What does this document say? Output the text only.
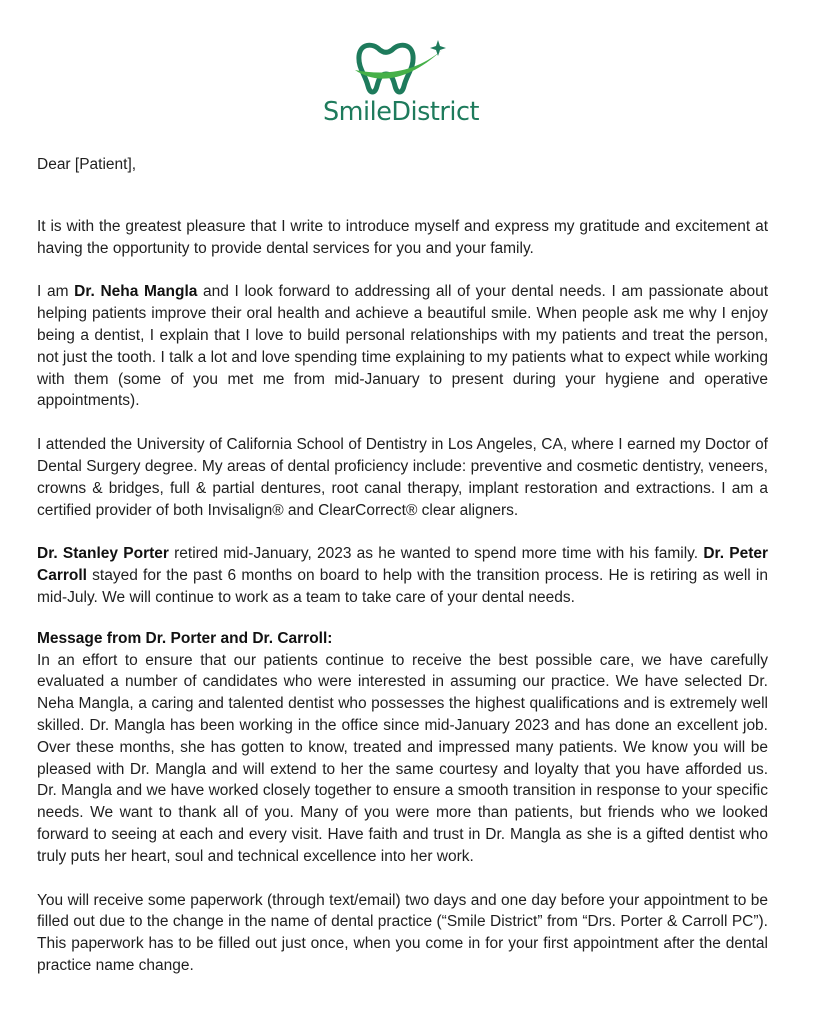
SmileDistrict

Dear [Patient],

It is with the greatest pleasure that I write to introduce myself and express my gratitude and excitement at having the opportunity to provide dental services for you and your family.

I am Dr. Neha Mangla and I look forward to addressing all of your dental needs. I am passionate about helping patients improve their oral health and achieve a beautiful smile. When people ask me why I enjoy being a dentist, I explain that I love to build personal relationships with my patients and treat the person, not just the tooth. I talk a lot and love spending time explaining to my patients what to expect while working with them (some of you met me from mid-January to present during your hygiene and operative appointments).

I attended the University of California School of Dentistry in Los Angeles, CA, where I earned my Doctor of Dental Surgery degree. My areas of dental proficiency include: preventive and cosmetic dentistry, veneers, crowns & bridges, full & partial dentures, root canal therapy, implant restoration and extractions. I am a certified provider of both Invisalign® and ClearCorrect® clear aligners.

Dr. Stanley Porter retired mid-January, 2023 as he wanted to spend more time with his family. Dr. Peter Carroll stayed for the past 6 months on board to help with the transition process. He is retiring as well in mid-July. We will continue to work as a team to take care of your dental needs.

Message from Dr. Porter and Dr. Carroll:

In an effort to ensure that our patients continue to receive the best possible care, we have carefully evaluated a number of candidates who were interested in assuming our practice. We have selected Dr. Neha Mangla, a caring and talented dentist who possesses the highest qualifications and is extremely well skilled. Dr. Mangla has been working in the office since mid-January 2023 and has done an excellent job. Over these months, she has gotten to know, treated and impressed many patients. We know you will be pleased with Dr. Mangla and will extend to her the same courtesy and loyalty that you have afforded us. Dr. Mangla and we have worked closely together to ensure a smooth transition in response to your specific needs. We want to thank all of you. Many of you were more than patients, but friends who we looked forward to seeing at each and every visit. Have faith and trust in Dr. Mangla as she is a gifted dentist who truly puts her heart, soul and technical excellence into her work.

You will receive some paperwork (through text/email) two days and one day before your appointment to be filled out due to the change in the name of dental practice (“Smile District” from “Drs. Porter & Carroll PC”). This paperwork has to be filled out just once, when you come in for your first appointment after the dental practice name change.
